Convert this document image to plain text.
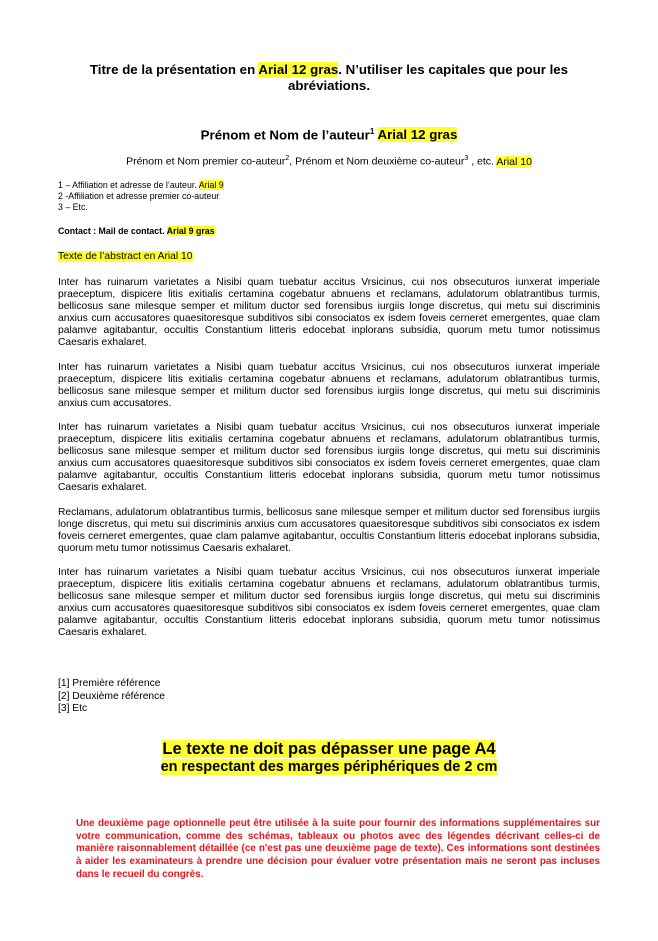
Titre de la présentation en Arial 12 gras. N’utiliser les capitales que pour les abréviations.
Prénom et Nom de l’auteur$^1$ Arial 12 gras
Prénom et Nom premier co-auteur$^2$, Prénom et Nom deuxième co-auteur$^3$ , etc. Arial 10
1 – Affiliation et adresse de l’auteur. Arial 9
2 -Affiliation et adresse premier co-auteur
3 – Etc.
Contact : Mail de contact. Arial 9 gras
Texte de l’abstract en Arial 10

Inter has ruinarum varietates a Nisibi quam tuebatur accitus Vrsicinus, cui nos obsecuturos iunxerat imperiale praeceptum, dispicere litis exitialis certamina cogebatur abnuens et reclamans, adulatorum oblatrantibus turmis, bellicosus sane milesque semper et militum ductor sed forensibus iurgiis longe discretus, qui metu sui discriminis anxius cum accusatores quaesitoresque subditivos sibi consociatos ex isdem foveis cerneret emergentes, quae clam palamve agitabantur, occultis Constantium litteris edocebat inplorans subsidia, quorum metu tumor notissimus Caesaris exhalaret.

Inter has ruinarum varietates a Nisibi quam tuebatur accitus Vrsicinus, cui nos obsecuturos iunxerat imperiale praeceptum, dispicere litis exitialis certamina cogebatur abnuens et reclamans, adulatorum oblatrantibus turmis, bellicosus sane milesque semper et militum ductor sed forensibus iurgiis longe discretus, qui metu sui discriminis anxius cum accusatores.

Inter has ruinarum varietates a Nisibi quam tuebatur accitus Vrsicinus, cui nos obsecuturos iunxerat imperiale praeceptum, dispicere litis exitialis certamina cogebatur abnuens et reclamans, adulatorum oblatrantibus turmis, bellicosus sane milesque semper et militum ductor sed forensibus iurgiis longe discretus, qui metu sui discriminis anxius cum accusatores quaesitoresque subditivos sibi consociatos ex isdem foveis cerneret emergentes, quae clam palamve agitabantur, occultis Constantium litteris edocebat inplorans subsidia, quorum metu tumor notissimus Caesaris exhalaret.

Reclamans, adulatorum oblatrantibus turmis, bellicosus sane milesque semper et militum ductor sed forensibus iurgiis longe discretus, qui metu sui discriminis anxius cum accusatores quaesitoresque subditivos sibi consociatos ex isdem foveis cerneret emergentes, quae clam palamve agitabantur, occultis Constantium litteris edocebat inplorans subsidia, quorum metu tumor notissimus Caesaris exhalaret.

Inter has ruinarum varietates a Nisibi quam tuebatur accitus Vrsicinus, cui nos obsecuturos iunxerat imperiale praeceptum, dispicere litis exitialis certamina cogebatur abnuens et reclamans, adulatorum oblatrantibus turmis, bellicosus sane milesque semper et militum ductor sed forensibus iurgiis longe discretus, qui metu sui discriminis anxius cum accusatores quaesitoresque subditivos sibi consociatos ex isdem foveis cerneret emergentes, quae clam palamve agitabantur, occultis Constantium litteris edocebat inplorans subsidia, quorum metu tumor notissimus Caesaris exhalaret.

[1] Première référence
[2] Deuxième référence
[3] Etc
Le texte ne doit pas dépasser une page A4
en respectant des marges périphériques de 2 cm
Une deuxième page optionnelle peut être utilisée à la suite pour fournir des informations supplémentaires sur votre communication, comme des schémas, tableaux ou photos avec des légendes décrivant celles-ci de manière raisonnablement détaillée (ce n'est pas une deuxième page de texte). Ces informations sont destinées à aider les examinateurs à prendre une décision pour évaluer votre présentation mais ne seront pas incluses dans le recueil du congrès.
